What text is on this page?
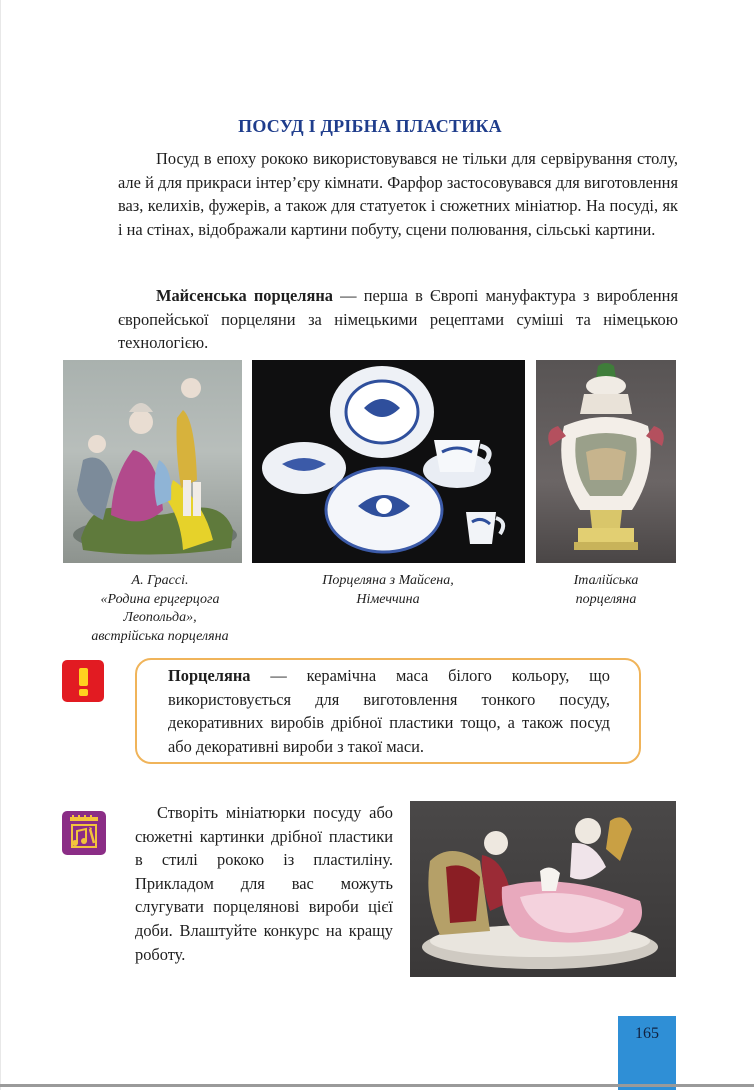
ПОСУД І ДРІБНА ПЛАСТИКА
Посуд в епоху рококо використовувався не тільки для сервірування столу, але й для прикраси інтер’єру кімнати. Фарфор застосовувався для виготовлення ваз, келихів, фужерів, а також для статуеток і сюжетних мініатюр. На посуді, як і на стінах, відображали картини побуту, сцени полювання, сільські картини.
Майсенська порцеляна — перша в Європі мануфактура з вироблення європейської порцеляни за німецькими рецептами суміші та німецькою технологією.
А. Грассі.
«Родина ерцгерцога
Леопольда»,
австрійська порцеляна
Порцеляна з Майсена,
Німеччина
Італійська
порцеляна
Порцеляна — керамічна маса білого кольору, що використовується для виготовлення тонкого посуду, декоративних виробів дрібної пластики тощо, а також посуд або декоративні вироби з такої маси.
Створіть мініатюрки посуду або сюжетні картинки дрібної пластики в стилі рококо із пластиліну. Прикладом для вас можуть слугувати порцелянові вироби цієї доби. Влаштуйте конкурс на кращу роботу.
165
